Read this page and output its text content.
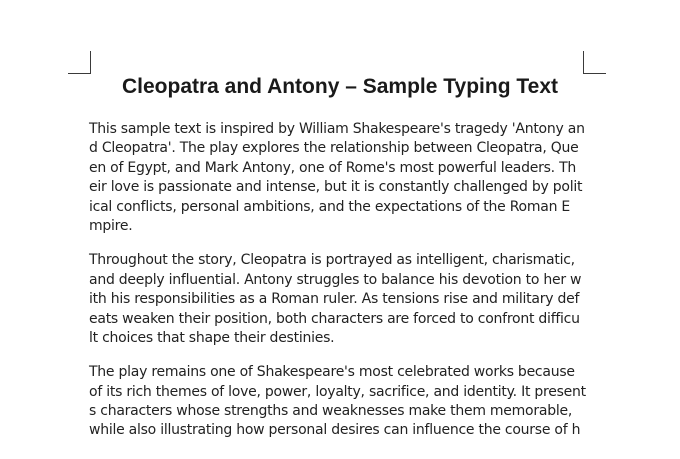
Cleopatra and Antony – Sample Typing Text
This sample text is inspired by William Shakespeare's tragedy 'Antony an
d Cleopatra'. The play explores the relationship between Cleopatra, Que
en of Egypt, and Mark Antony, one of Rome's most powerful leaders. Th
eir love is passionate and intense, but it is constantly challenged by polit
ical conflicts, personal ambitions, and the expectations of the Roman E
mpire.
Throughout the story, Cleopatra is portrayed as intelligent, charismatic,
and deeply influential. Antony struggles to balance his devotion to her w
ith his responsibilities as a Roman ruler. As tensions rise and military def
eats weaken their position, both characters are forced to confront difficu
lt choices that shape their destinies.
The play remains one of Shakespeare's most celebrated works because
of its rich themes of love, power, loyalty, sacrifice, and identity. It present
s characters whose strengths and weaknesses make them memorable,
while also illustrating how personal desires can influence the course of h
